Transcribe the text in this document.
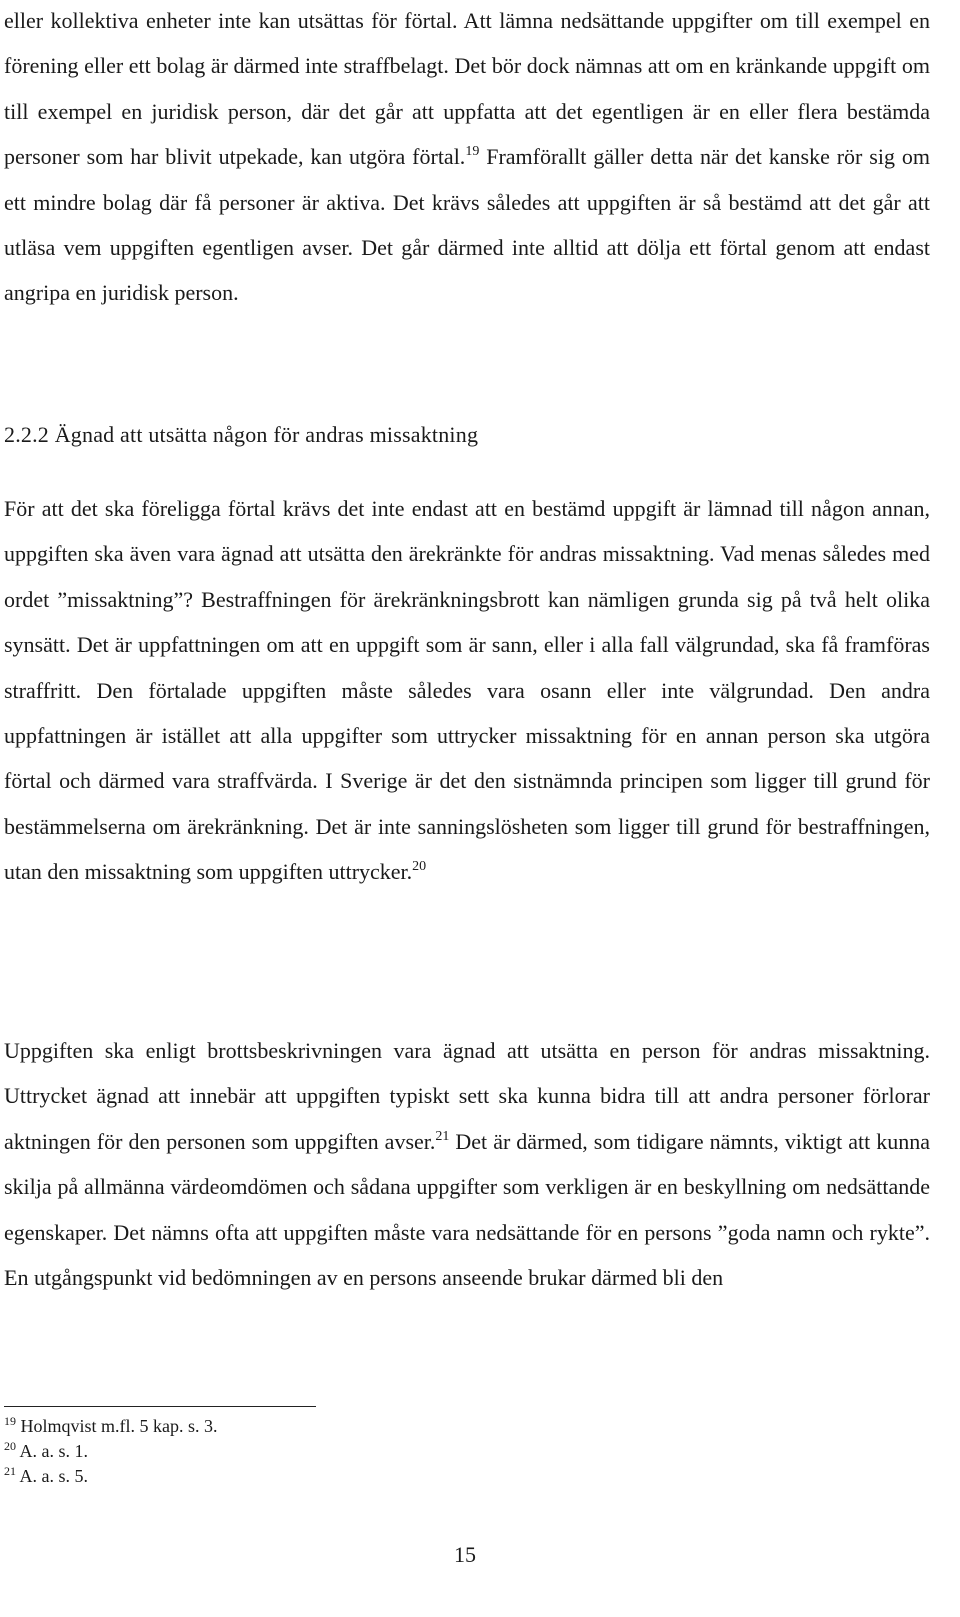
eller kollektiva enheter inte kan utsättas för förtal. Att lämna nedsättande uppgifter om till exempel en förening eller ett bolag är därmed inte straffbelagt. Det bör dock nämnas att om en kränkande uppgift om till exempel en juridisk person, där det går att uppfatta att det egentligen är en eller flera bestämda personer som har blivit utpekade, kan utgöra förtal.$^{19}$ Framförallt gäller detta när det kanske rör sig om ett mindre bolag där få personer är aktiva. Det krävs således att uppgiften är så bestämd att det går att utläsa vem uppgiften egentligen avser. Det går därmed inte alltid att dölja ett förtal genom att endast angripa en juridisk person.

2.2.2 Ägnad att utsätta någon för andras missaktning

För att det ska föreligga förtal krävs det inte endast att en bestämd uppgift är lämnad till någon annan, uppgiften ska även vara ägnad att utsätta den ärekränkte för andras missaktning. Vad menas således med ordet ”missaktning”? Bestraffningen för ärekränkningsbrott kan nämligen grunda sig på två helt olika synsätt. Det är uppfattningen om att en uppgift som är sann, eller i alla fall välgrundad, ska få framföras straffritt. Den förtalade uppgiften måste således vara osann eller inte välgrundad. Den andra uppfattningen är istället att alla uppgifter som uttrycker missaktning för en annan person ska utgöra förtal och därmed vara straffvärda. I Sverige är det den sistnämnda principen som ligger till grund för bestämmelserna om ärekränkning. Det är inte sanningslösheten som ligger till grund för bestraffningen, utan den missaktning som uppgiften uttrycker.$^{20}$

Uppgiften ska enligt brottsbeskrivningen vara ägnad att utsätta en person för andras missaktning. Uttrycket ägnad att innebär att uppgiften typiskt sett ska kunna bidra till att andra personer förlorar aktningen för den personen som uppgiften avser.$^{21}$ Det är därmed, som tidigare nämnts, viktigt att kunna skilja på allmänna värdeomdömen och sådana uppgifter som verkligen är en beskyllning om nedsättande egenskaper. Det nämns ofta att uppgiften måste vara nedsättande för en persons ”goda namn och rykte”. En utgångspunkt vid bedömningen av en persons anseende brukar därmed bli den

$^{19}$ Holmqvist m.fl. 5 kap. s. 3.
$^{20}$ A. a. s. 1.
$^{21}$ A. a. s. 5.
15
